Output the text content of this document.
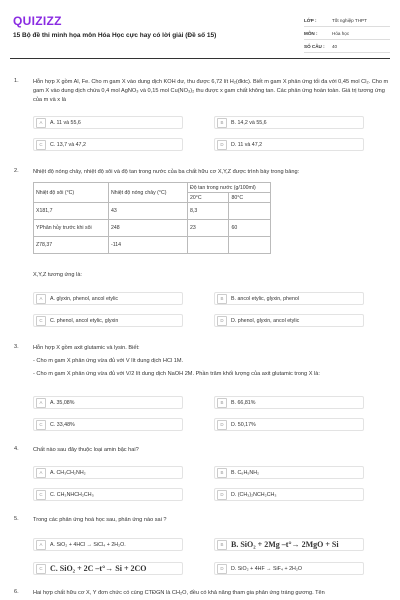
QUIZIZZ
15 Bộ đề thi minh họa môn Hóa Học cực hay có lời giải (Đề số 15)
LỚP :	Tốt nghiệp THPT
MÔN :	Hóa học
SỐ CÂU :	40
1.	Hỗn hợp X gồm Al, Fe. Cho m gam X vào dung dịch KOH dư, thu được 6,72 lít H₂(đktc). Biết m gam X phản ứng tối đa với 0,45 mol Cl₂. Cho m gam X vào dung dịch chứa 0,4 mol AgNO₃ và 0,15 mol Cu(NO₃)₂ thu được x gam chất không tan. Các phản ứng hoàn toàn. Giá trị tương ứng của m và x là
A	A. 11 và 55,6	B	B. 14,2 và 55,6
C	C. 13,7 và 47,2	D	D. 11 và 47,2
2.	Nhiệt độ nóng chảy, nhiệt độ sôi và độ tan trong nước của ba chất hữu cơ X,Y,Z được trình bày trong bảng:
Nhiệt độ sôi (°C)	Nhiệt độ nóng chảy (°C)	Độ tan trong nước (g/100ml)	
		20°C	80°C
X181,7	43	8,3	
YPhân hủy trước khi sôi	248	23	60
Z78,37	-114		
X,Y,Z tương ứng là:
A	A. glyxin, phenol, ancol etylic	B	B. ancol etylic, glyxin, phenol
C	C. phenol, ancol etylic, glyxin	D	D. phenol, glyxin, ancol etylic
3.	Hỗn hợp X gồm axit glutamic và lysin. Biết:
- Cho m gam X phản ứng vừa đủ với V lít dung dịch HCl 1M.
- Cho m gam X phản ứng vừa đủ với V/2 lít dung dịch NaOH 2M. Phần trăm khối lượng của axit glutamic trong X là:
A	A. 35,08%	B	B. 66,81%
C	C. 33,48%	D	D. 50,17%
4.	Chất nào sau đây thuộc loại amin bậc hai?
A	A. CH₃CH₂NH₂	B	B. C₆H₅NH₂
C	C. CH₃NHCH₂CH₃	D	D. (CH₃)₂NCH₂CH₃
5.	Trong các phản ứng hoá học sau, phản ứng nào sai ?
A	A. SiO₂ + 4HCl → SiCl₄ + 2H₂O.	B B. SiO₂ + 2Mg –t°→ 2MgO + Si
C C. SiO₂ + 2C –t°→ Si + 2CO	D	D. SiO₂ + 4HF → SiF₄ + 2H₂O
6.	Hai hợp chất hữu cơ X, Y đơn chức có cùng CTĐGN là CH₂O, đều có khả năng tham gia phản ứng tráng gương. Tên
